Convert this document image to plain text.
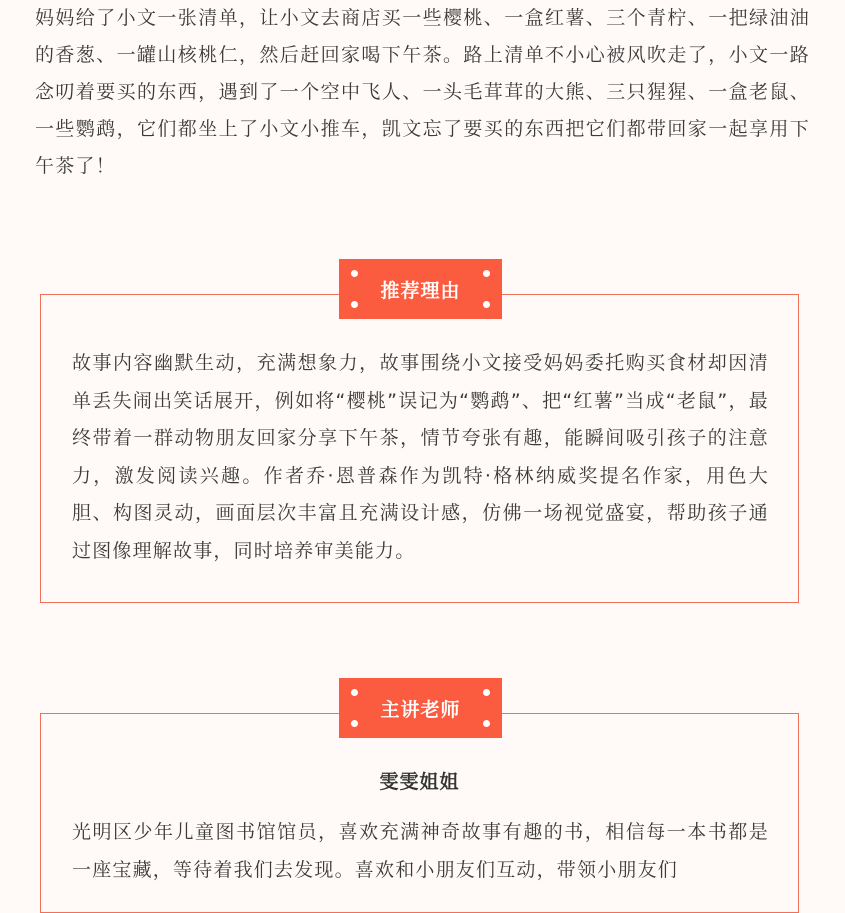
妈妈给了小文一张清单，让小文去商店买一些樱桃、一盒红薯、三个青柠、一把绿油油的香葱、一罐山核桃仁，然后赶回家喝下午茶。路上清单不小心被风吹走了，小文一路念叨着要买的东西，遇到了一个空中飞人、一头毛茸茸的大熊、三只猩猩、一盒老鼠、一些鹦鹉，它们都坐上了小文小推车，凯文忘了要买的东西把它们都带回家一起享用下午茶了！

故事内容幽默生动，充满想象力，故事围绕小文接受妈妈委托购买食材却因清单丢失闹出笑话展开，例如将“樱桃”误记为“鹦鹉”、把“红薯”当成“老鼠”，最终带着一群动物朋友回家分享下午茶，情节夸张有趣，能瞬间吸引孩子的注意力，激发阅读兴趣。作者乔·恩普森作为凯特·格林纳威奖提名作家，用色大胆、构图灵动，画面层次丰富且充满设计感，仿佛一场视觉盛宴，帮助孩子通过图像理解故事，同时培养审美能力。

推荐理由
雯雯姐姐

光明区少年儿童图书馆馆员，喜欢充满神奇故事有趣的书，相信每一本书都是一座宝藏，等待着我们去发现。喜欢和小朋友们互动，带领小朋友们

主讲老师
